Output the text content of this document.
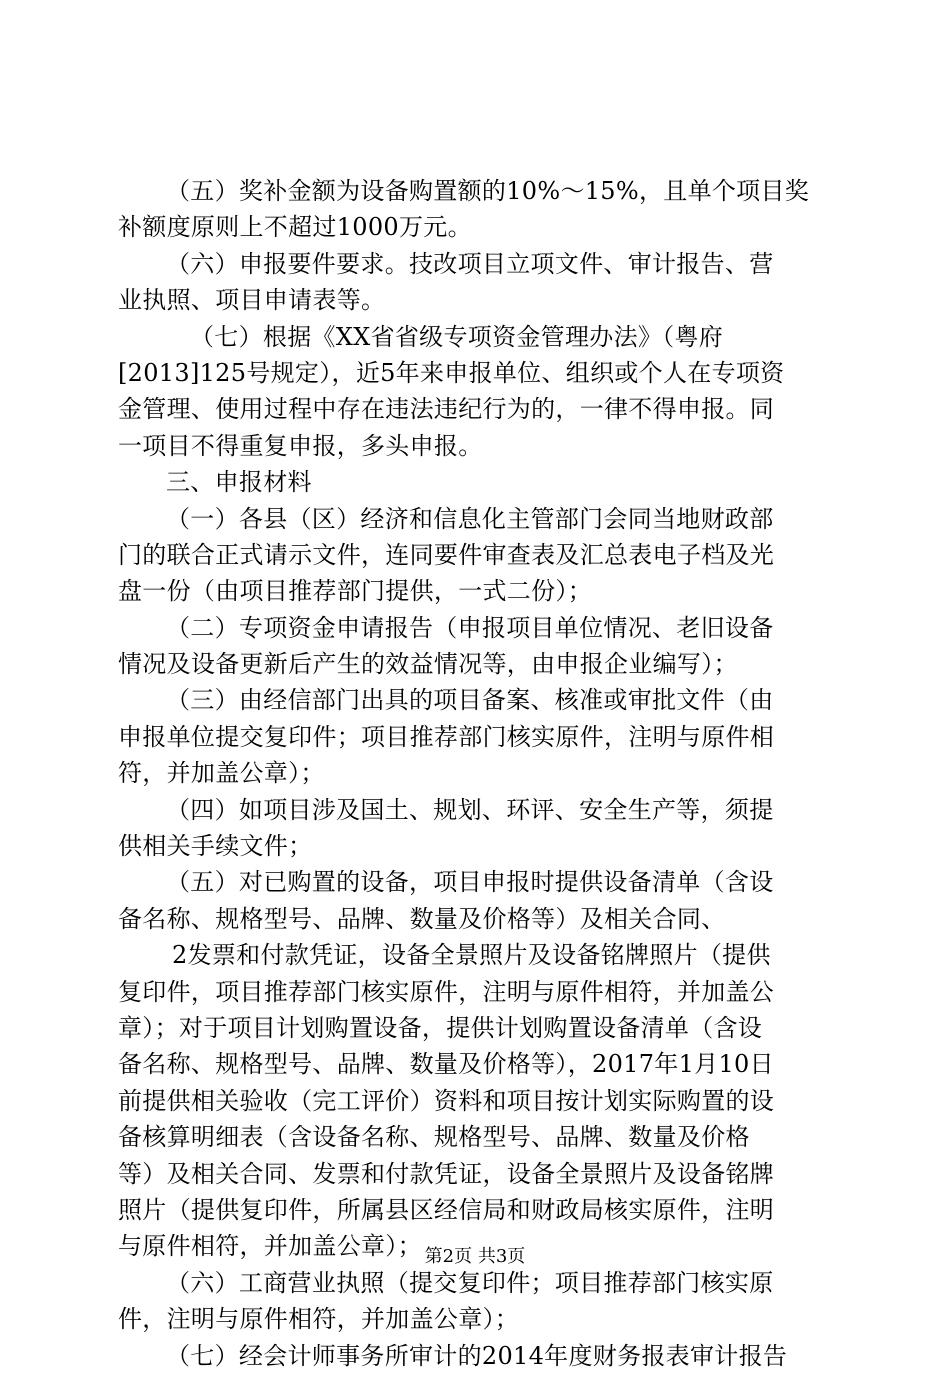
（五）奖补金额为设备购置额的10%～15%，且单个项目奖
补额度原则上不超过1000万元。
（六）申报要件要求。技改项目立项文件、审计报告、营
业执照、项目申请表等。
（七）根据《XX省省级专项资金管理办法》（粤府
[2013]125号规定），近5年来申报单位、组织或个人在专项资
金管理、使用过程中存在违法违纪行为的，一律不得申报。同
一项目不得重复申报，多头申报。
三、申报材料
（一）各县（区）经济和信息化主管部门会同当地财政部
门的联合正式请示文件，连同要件审查表及汇总表电子档及光
盘一份（由项目推荐部门提供，一式二份）；
（二）专项资金申请报告（申报项目单位情况、老旧设备
情况及设备更新后产生的效益情况等，由申报企业编写）；
（三）由经信部门出具的项目备案、核准或审批文件（由
申报单位提交复印件；项目推荐部门核实原件，注明与原件相
符，并加盖公章）；
（四）如项目涉及国土、规划、环评、安全生产等，须提
供相关手续文件；
（五）对已购置的设备，项目申报时提供设备清单（含设
备名称、规格型号、品牌、数量及价格等）及相关合同、
2发票和付款凭证，设备全景照片及设备铭牌照片（提供
复印件，项目推荐部门核实原件，注明与原件相符，并加盖公
章）；对于项目计划购置设备，提供计划购置设备清单（含设
备名称、规格型号、品牌、数量及价格等），2017年1月10日
前提供相关验收（完工评价）资料和项目按计划实际购置的设
备核算明细表（含设备名称、规格型号、品牌、数量及价格
等）及相关合同、发票和付款凭证，设备全景照片及设备铭牌
照片（提供复印件，所属县区经信局和财政局核实原件，注明
与原件相符，并加盖公章）；
（六）工商营业执照（提交复印件；项目推荐部门核实原
件，注明与原件相符，并加盖公章）；
（七）经会计师事务所审计的2014年度财务报表审计报告
第2页 共3页
